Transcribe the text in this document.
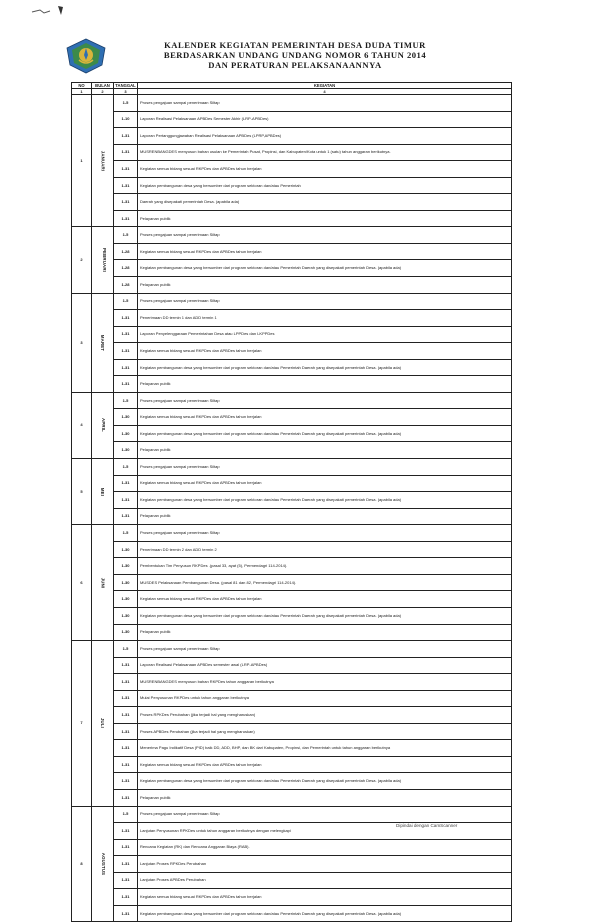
KALENDER KEGIATAN PEMERINTAH DESA DUDA TIMUR
BERDASARKAN UNDANG UNDANG NOMOR 6 TAHUN 2014
DAN PERATURAN PELAKSANAANNYA
NO	BULAN	TANGGAL	KEGIATAN
1	2	3	4
1	JANUARI	1-5	Proses pengajuan sampai penerimaan Siltap
		1-10	Laporan Realisasi Pelaksanaan APBDes Semester Akhir (LRP-APBDes)
		1-31	Laporan Pertanggungjawaban Realisasi Pelaksanaan APBDes (LPRP,APBDes)
		1-31	MUSRENBANGDES menyusun bahan usulan ke Pemerintah Pusat, Propinsi, dan Kabupaten/Kota untuk 1 (satu) tahun anggaran berikutnya.
		1-31	Kegiatan semua bidang sesuai RKPDes dan APBDes tahun berjalan
		1-31	Kegiatan pembangunan desa yang bersumber dari program sektoran dan/atau Pemerintah
		1-31	Daerah yang disepakati pemerintah Desa. (apabila ada)
		1-31	Pelayanan publik
2	PEBRUARI	1-5	Proses pengajuan sampai penerimaan Siltap
		1-28	Kegiatan semua bidang sesuai RKPDes dan APBDes tahun berjalan
		1-28	Kegiatan pembangunan desa yang bersumber dari program sektoran dan/atau Pemerintah Daerah yang disepakati pemerintah Desa. (apabila ada)
		1-28	Pelayanan publik
3	MARET	1-5	Proses pengajuan sampai penerimaan Siltap
		1-31	Penerimaan DD termin 1 dan ADD termin 1
		1-31	Laporan Penyelenggaraan Pemerintahan Desa atau LPPDes dan LKPPDes
		1-31	Kegiatan semua bidang sesuai RKPDes dan APBDes tahun berjalan
		1-31	Kegiatan pembangunan desa yang bersumber dari program sektoran dan/atau Pemerintah Daerah yang disepakati pemerintah Desa. (apabila ada)
		1-31	Pelayanan publik
4	APRIL	1-5	Proses pengajuan sampai penerimaan Siltap
		1-30	Kegiatan semua bidang sesuai RKPDes dan APBDes tahun berjalan
		1-30	Kegiatan pembangunan desa yang bersumber dari program sektoran dan/atau Pemerintah Daerah yang disepakati pemerintah Desa. (apabila ada)
		1-30	Pelayanan publik
5	MEI	1-5	Proses pengajuan sampai penerimaan Siltap
		1-31	Kegiatan semua bidang sesuai RKPDes dan APBDes tahun berjalan
		1-31	Kegiatan pembangunan desa yang bersumber dari program sektoran dan/atau Pemerintah Daerah yang disepakati pemerintah Desa. (apabila ada)
		1-31	Pelayanan publik
6	JUNI	1-5	Proses pengajuan sampai penerimaan Siltap
		1-30	Penerimaan DD termin 2 dan ADD termin 2
		1-30	Pembentukan Tim Penyusun RKPDes .(pasal 33, ayat (5), Permendagri 114-2014).
		1-30	MUSDES Pelaksanaan Pembangunan Desa. (pasal 81 dan 82, Permendagri 114-2014).
		1-30	Kegiatan semua bidang sesuai RKPDes dan APBDes tahun berjalan
		1-30	Kegiatan pembangunan desa yang bersumber dari program sektoran dan/atau Pemerintah Daerah yang disepakati pemerintah Desa. (apabila ada)
		1-30	Pelayanan publik
7	JULI	1-5	Proses pengajuan sampai penerimaan Siltap
		1-31	Laporan Realisasi Pelaksanaan APBDes semester awal (LRP-APBDes)
		1-31	MUSRENBANGDES menyusun bahan RKPDes tahun anggaran berikutnya
		1-31	Mulai Penyusunan RKPDes untuk tahun anggaran berikutnya
		1-31	Proses RPKDes Perubahan (jika terjadi hal yang mengharuskan)
		1-31	Proses APBDes Perubahan (jika terjadi hal yang mengharuskan)
		1-31	Menerima Pagu Indikatif Desa (PID) baik DD, ADD, BHP, dan BK dari Kabupaten, Propinsi, dan Pemerintah untuk tahun anggaran berikutnya
		1-31	Kegiatan semua bidang sesuai RKPDes dan APBDes tahun berjalan
		1-31	Kegiatan pembangunan desa yang bersumber dari program sektoran dan/atau Pemerintah Daerah yang disepakati pemerintah Desa. (apabila ada)
		1-31	Pelayanan publik
8	AGUSTUS	1-5	Proses pengajuan sampai penerimaan Siltap
		1-31	Lanjutan Penyusunan RPKDes untuk tahun anggaran berikutnya dengan melengkapi
		1-31	Rencana Kegiatan (RK) dan Rencana Anggaran Biaya (RAB).
		1-31	Lanjutan Proses RPKDes Perubahan
		1-31	Lanjutan Proses APBDes Perubahan
		1-31	Kegiatan semua bidang sesuai RKPDes dan APBDes tahun berjalan
		1-31	Kegiatan pembangunan desa yang bersumber dari program sektoran dan/atau Pemerintah Daerah yang disepakati pemerintah Desa. (apabila ada)
Dipindai dengan CamScanner
